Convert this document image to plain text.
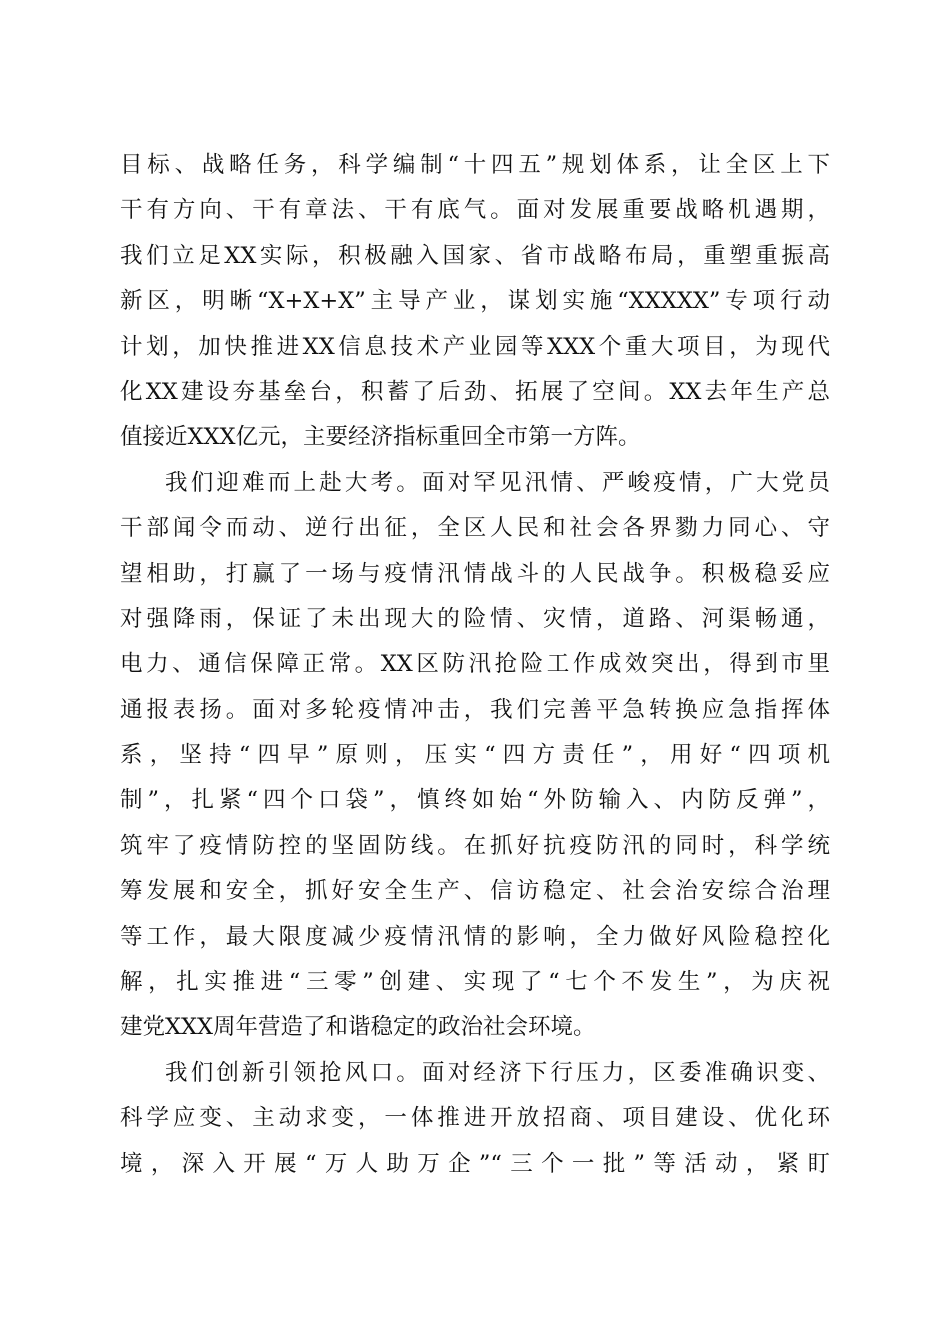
目标、战略任务，科学编制“十四五”规划体系，让全区上下
干有方向、干有章法、干有底气。面对发展重要战略机遇期，
我们立足XX实际，积极融入国家、省市战略布局，重塑重振高
新区，明晰“X+X+X”主导产业，谋划实施“XXXXX”专项行动
计划，加快推进XX信息技术产业园等XXX个重大项目，为现代
化XX建设夯基垒台，积蓄了后劲、拓展了空间。XX去年生产总
值接近XXX亿元，主要经济指标重回全市第一方阵。
我们迎难而上赴大考。面对罕见汛情、严峻疫情，广大党员
干部闻令而动、逆行出征，全区人民和社会各界勠力同心、守
望相助，打赢了一场与疫情汛情战斗的人民战争。积极稳妥应
对强降雨，保证了未出现大的险情、灾情，道路、河渠畅通，
电力、通信保障正常。XX区防汛抢险工作成效突出，得到市里
通报表扬。面对多轮疫情冲击，我们完善平急转换应急指挥体
系，坚持“四早”原则，压实“四方责任”，用好“四项机
制”，扎紧“四个口袋”，慎终如始“外防输入、内防反弹”，
筑牢了疫情防控的坚固防线。在抓好抗疫防汛的同时，科学统
筹发展和安全，抓好安全生产、信访稳定、社会治安综合治理
等工作，最大限度减少疫情汛情的影响，全力做好风险稳控化
解，扎实推进“三零”创建、实现了“七个不发生”，为庆祝
建党XXX周年营造了和谐稳定的政治社会环境。
我们创新引领抢风口。面对经济下行压力，区委准确识变、
科学应变、主动求变，一体推进开放招商、项目建设、优化环
境，深入开展“万人助万企”“三个一批”等活动，紧盯
